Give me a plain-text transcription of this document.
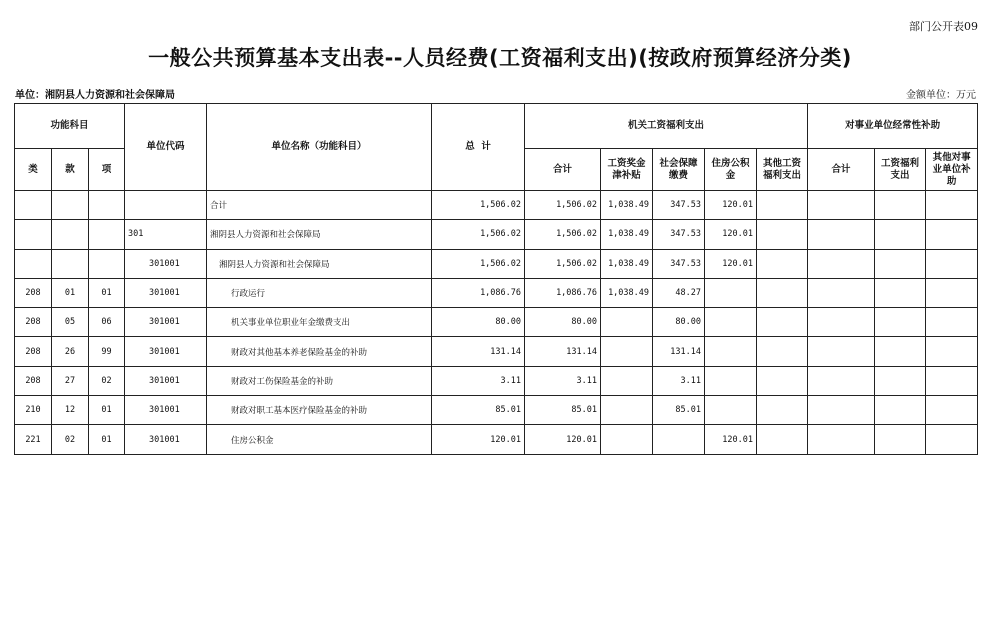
部门公开表09
一般公共预算基本支出表--人员经费(工资福利支出)(按政府预算经济分类)
单位：湘阴县人力资源和社会保障局	金额单位：万元
功能科目			单位代码	单位名称（功能科目）	总  计	机关工资福利支出					对事业单位经常性补助		
类	款	项				合计	工资奖金津补贴	社会保障缴费	住房公积金	其他工资福利支出	合计	工资福利支出	其他对事业单位补助
				合计	1,506.02	1,506.02	1,038.49	347.53	120.01				
			301	湘阴县人力资源和社会保障局	1,506.02	1,506.02	1,038.49	347.53	120.01				
			301001	湘阴县人力资源和社会保障局	1,506.02	1,506.02	1,038.49	347.53	120.01				
208	01	01	301001	行政运行	1,086.76	1,086.76	1,038.49	48.27					
208	05	06	301001	机关事业单位职业年金缴费支出	80.00	80.00		80.00					
208	26	99	301001	财政对其他基本养老保险基金的补助	131.14	131.14		131.14					
208	27	02	301001	财政对工伤保险基金的补助	3.11	3.11		3.11					
210	12	01	301001	财政对职工基本医疗保险基金的补助	85.01	85.01		85.01					
221	02	01	301001	住房公积金	120.01	120.01			120.01				
